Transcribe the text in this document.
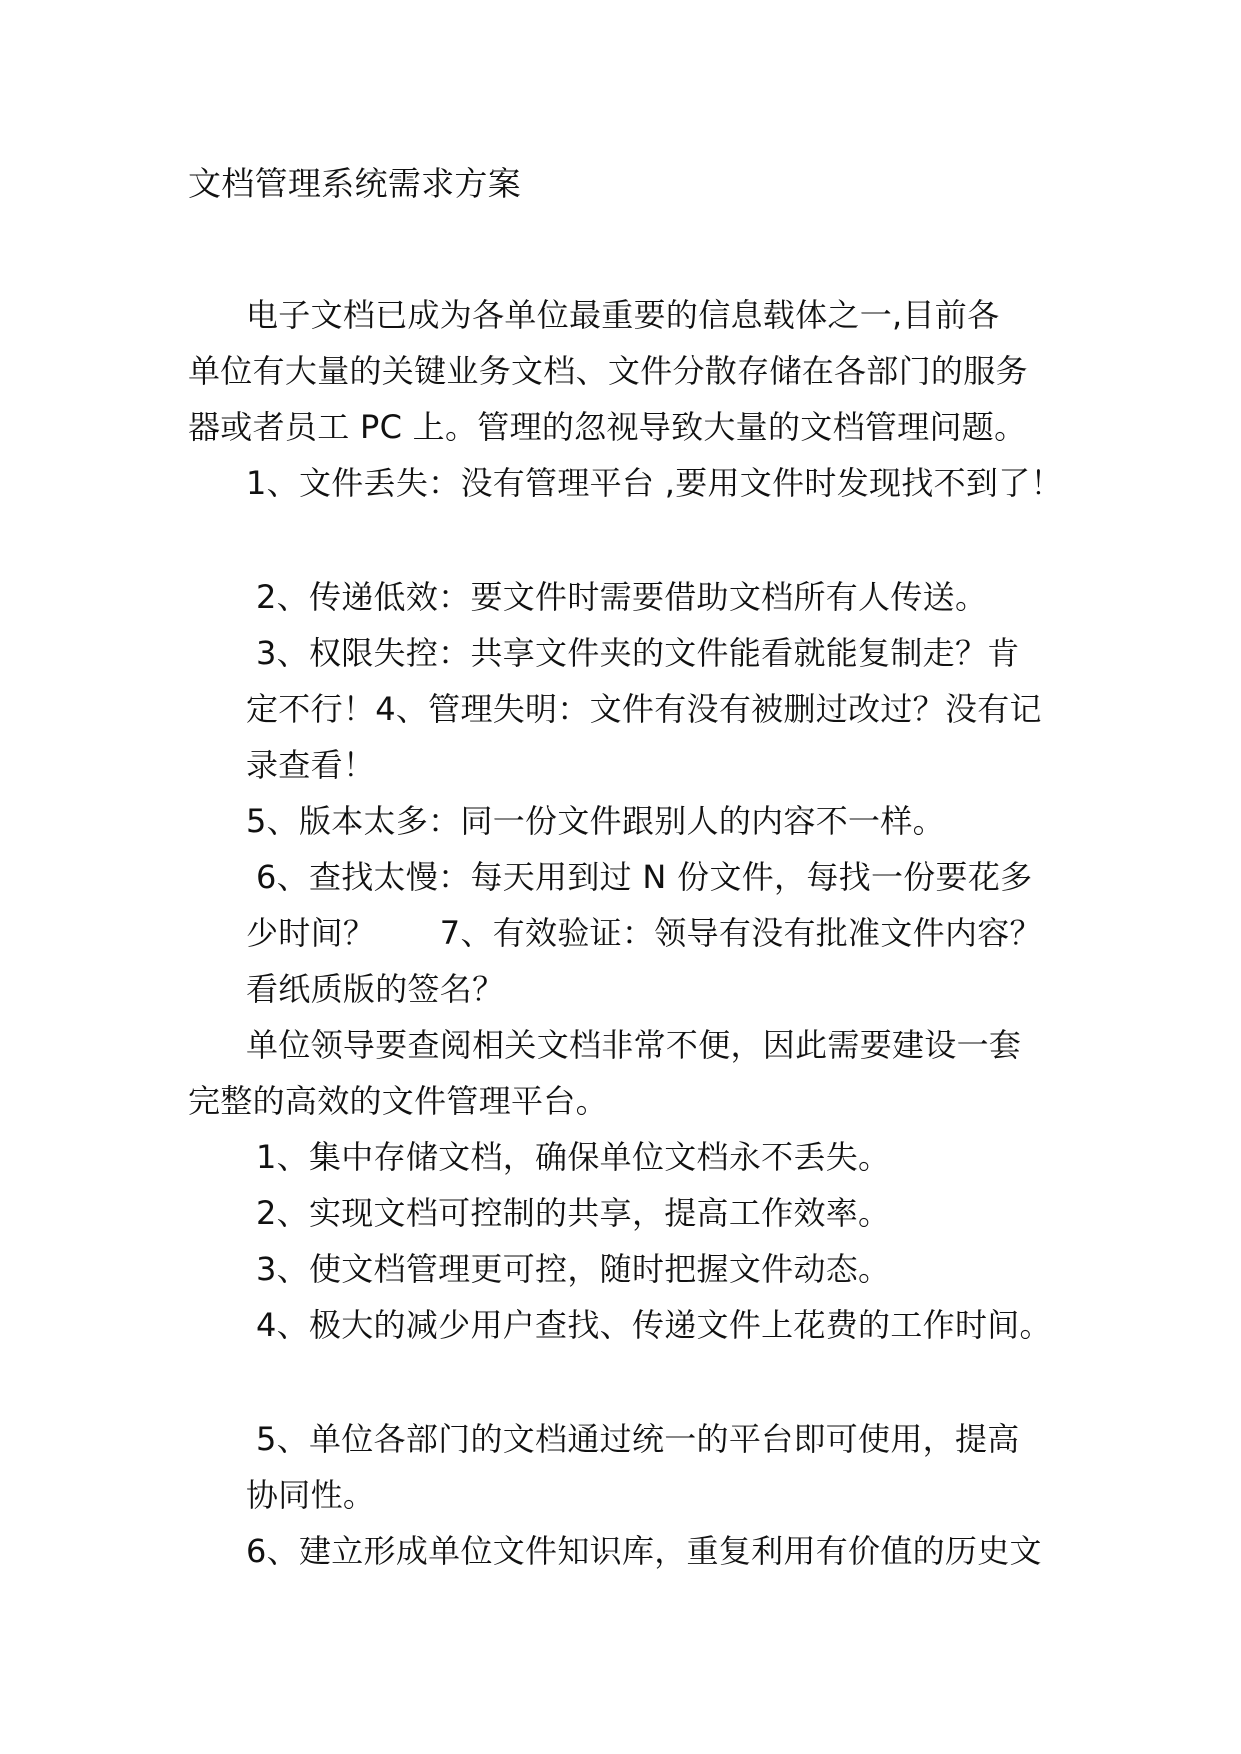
文档管理系统需求方案

电子文档已成为各单位最重要的信息载体之一,目前各

单位有大量的关键业务文档、文件分散存储在各部门的服务

器或者员工 PC 上。管理的忽视导致大量的文档管理问题。

1、文件丢失：没有管理平台 ,要用文件时发现找不到了！

2、传递低效：要文件时需要借助文档所有人传送。

3、权限失控：共享文件夹的文件能看就能复制走？肯

定不行！4、管理失明：文件有没有被删过改过？没有记

录查看！

5、版本太多：同一份文件跟别人的内容不一样。

6、查找太慢：每天用到过 N 份文件，每找一份要花多

少时间？　　7、有效验证：领导有没有批准文件内容？

看纸质版的签名？

单位领导要查阅相关文档非常不便，因此需要建设一套

完整的高效的文件管理平台。

1、集中存储文档，确保单位文档永不丢失。

2、实现文档可控制的共享，提高工作效率。

3、使文档管理更可控，随时把握文件动态。

4、极大的减少用户查找、传递文件上花费的工作时间。

5、单位各部门的文档通过统一的平台即可使用，提高

协同性。

6、建立形成单位文件知识库，重复利用有价值的历史文
